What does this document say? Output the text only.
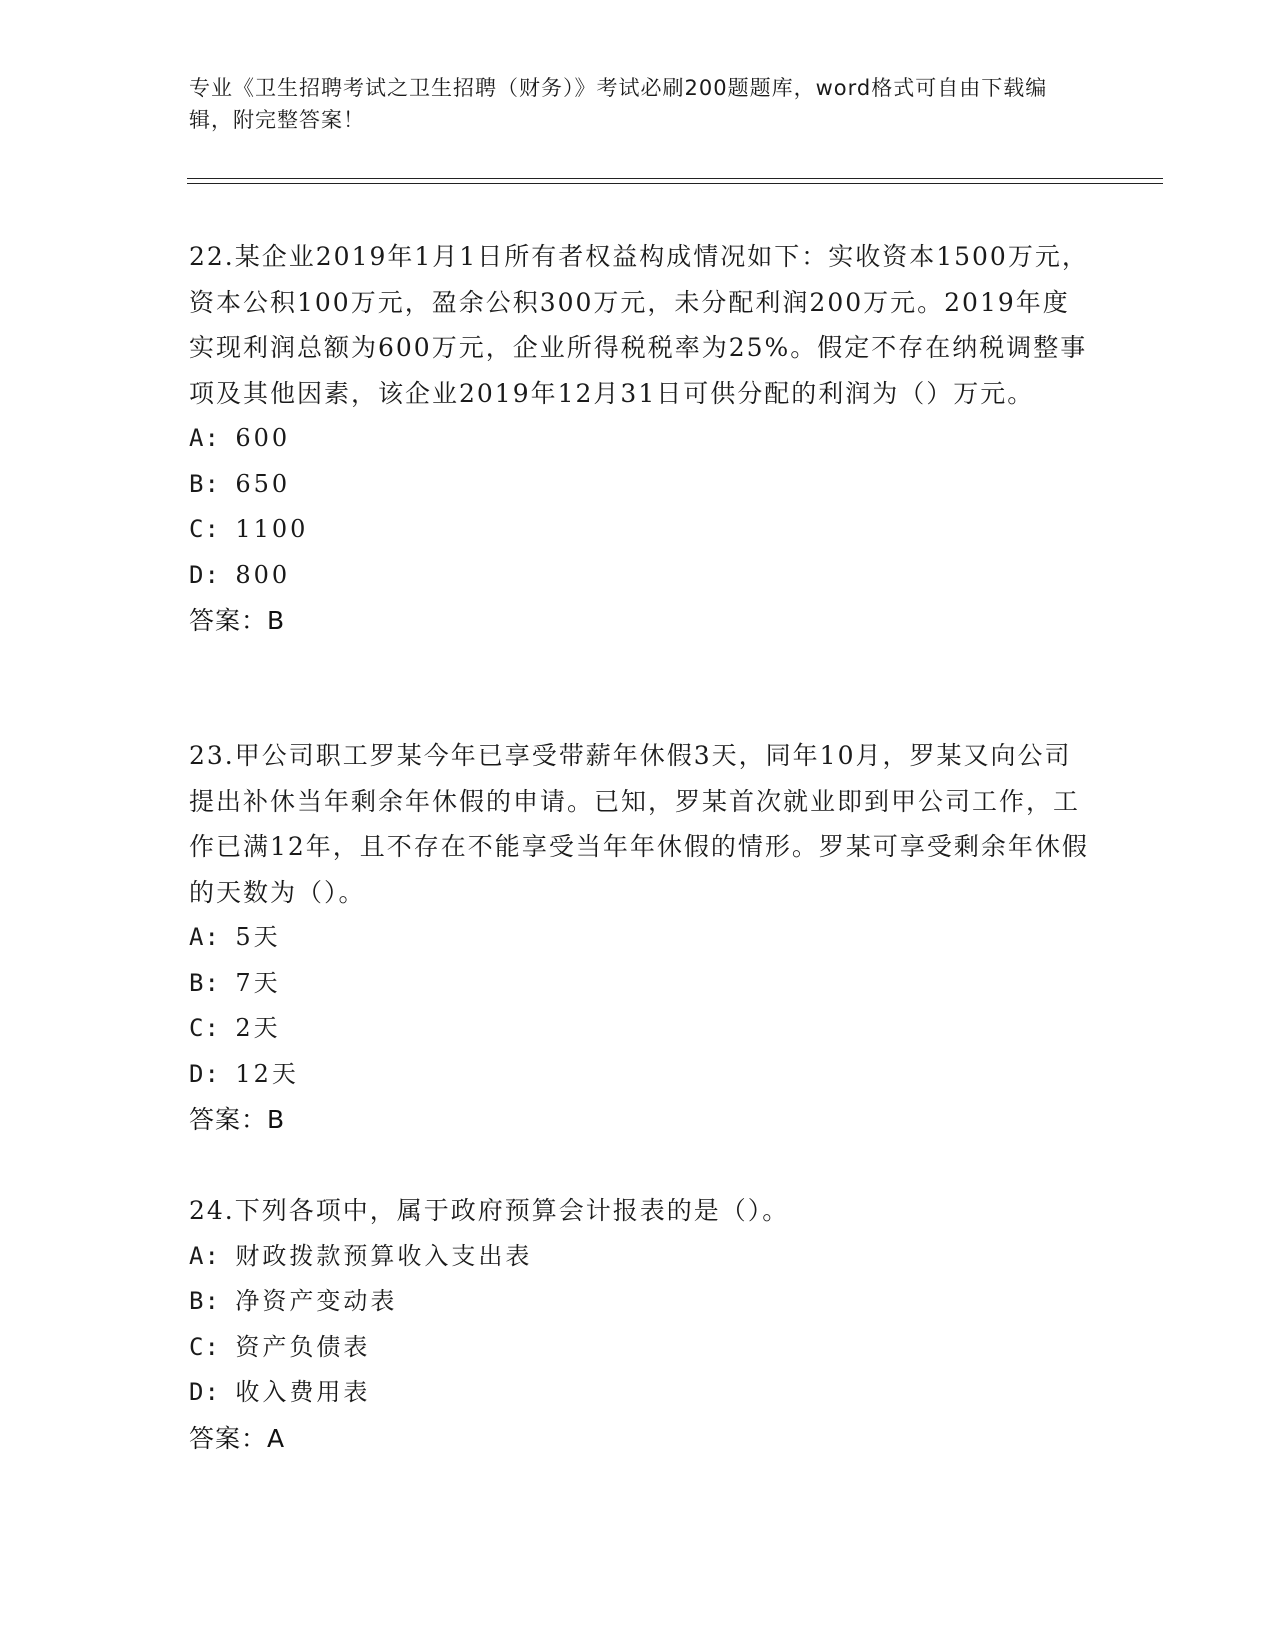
专业《卫生招聘考试之卫生招聘（财务）》考试必刷200题题库，word格式可自由下载编辑，附完整答案！

22.某企业2019年1月1日所有者权益构成情况如下：实收资本1500万元，资本公积100万元，盈余公积300万元，未分配利润200万元。2019年度实现利润总额为600万元，企业所得税税率为25%。假定不存在纳税调整事项及其他因素，该企业2019年12月31日可供分配的利润为（）万元。

A: 600
B: 650
C: 1100
D: 800
答案：B

23.甲公司职工罗某今年已享受带薪年休假3天，同年10月，罗某又向公司提出补休当年剩余年休假的申请。已知，罗某首次就业即到甲公司工作，工作已满12年，且不存在不能享受当年年休假的情形。罗某可享受剩余年休假的天数为（）。

A: 5天
B: 7天
C: 2天
D: 12天
答案：B

24.下列各项中，属于政府预算会计报表的是（）。

A: 财政拨款预算收入支出表
B: 净资产变动表
C: 资产负债表
D: 收入费用表
答案：A
